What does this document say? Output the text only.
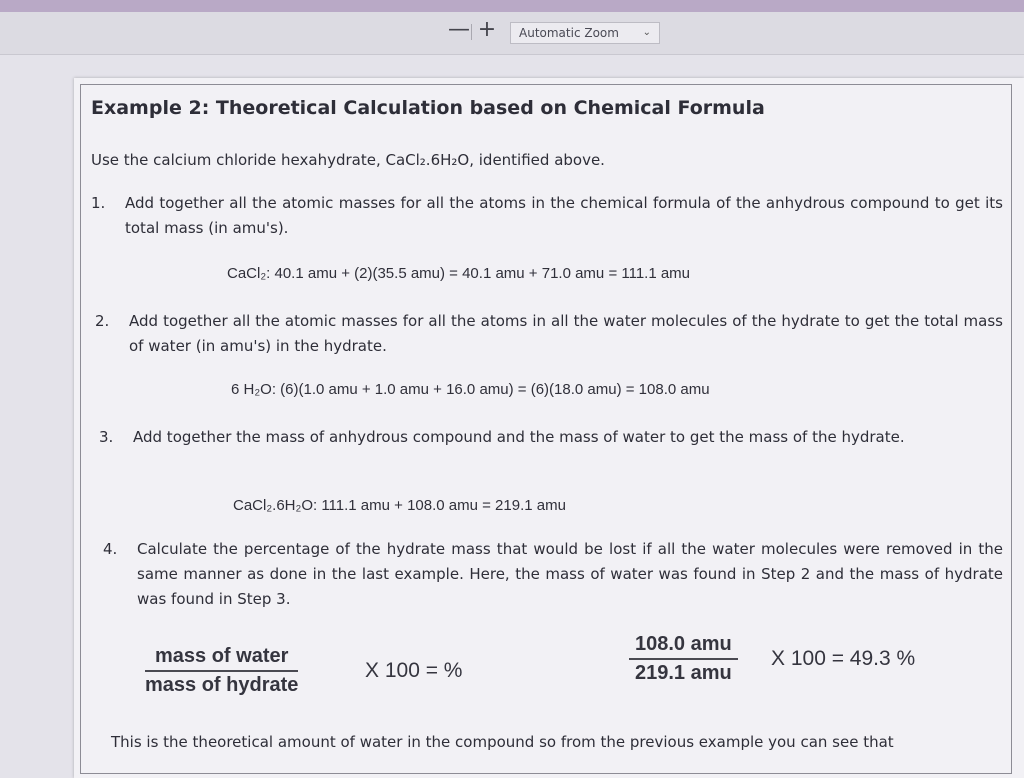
— +	Automatic Zoom ⌄
Example 2: Theoretical Calculation based on Chemical Formula
Use the calcium chloride hexahydrate, CaCl₂.6H₂O, identified above.
1. Add together all the atomic masses for all the atoms in the chemical formula of the anhydrous compound to get its total mass (in amu's).
CaCl₂: 40.1 amu + (2)(35.5 amu) = 40.1 amu + 71.0 amu = 111.1 amu
2. Add together all the atomic masses for all the atoms in all the water molecules of the hydrate to get the total mass of water (in amu's) in the hydrate.
6 H₂O: (6)(1.0 amu + 1.0 amu + 16.0 amu) = (6)(18.0 amu) = 108.0 amu
3. Add together the mass of anhydrous compound and the mass of water to get the mass of the hydrate.
CaCl₂.6H₂O: 111.1 amu + 108.0 amu = 219.1 amu
4. Calculate the percentage of the hydrate mass that would be lost if all the water molecules were removed in the same manner as done in the last example. Here, the mass of water was found in Step 2 and the mass of hydrate was found in Step 3.
mass of water
mass of hydrate
X 100 = %
108.0 amu
219.1 amu
X 100 = 49.3 %
This is the theoretical amount of water in the compound so from the previous example you can see that
